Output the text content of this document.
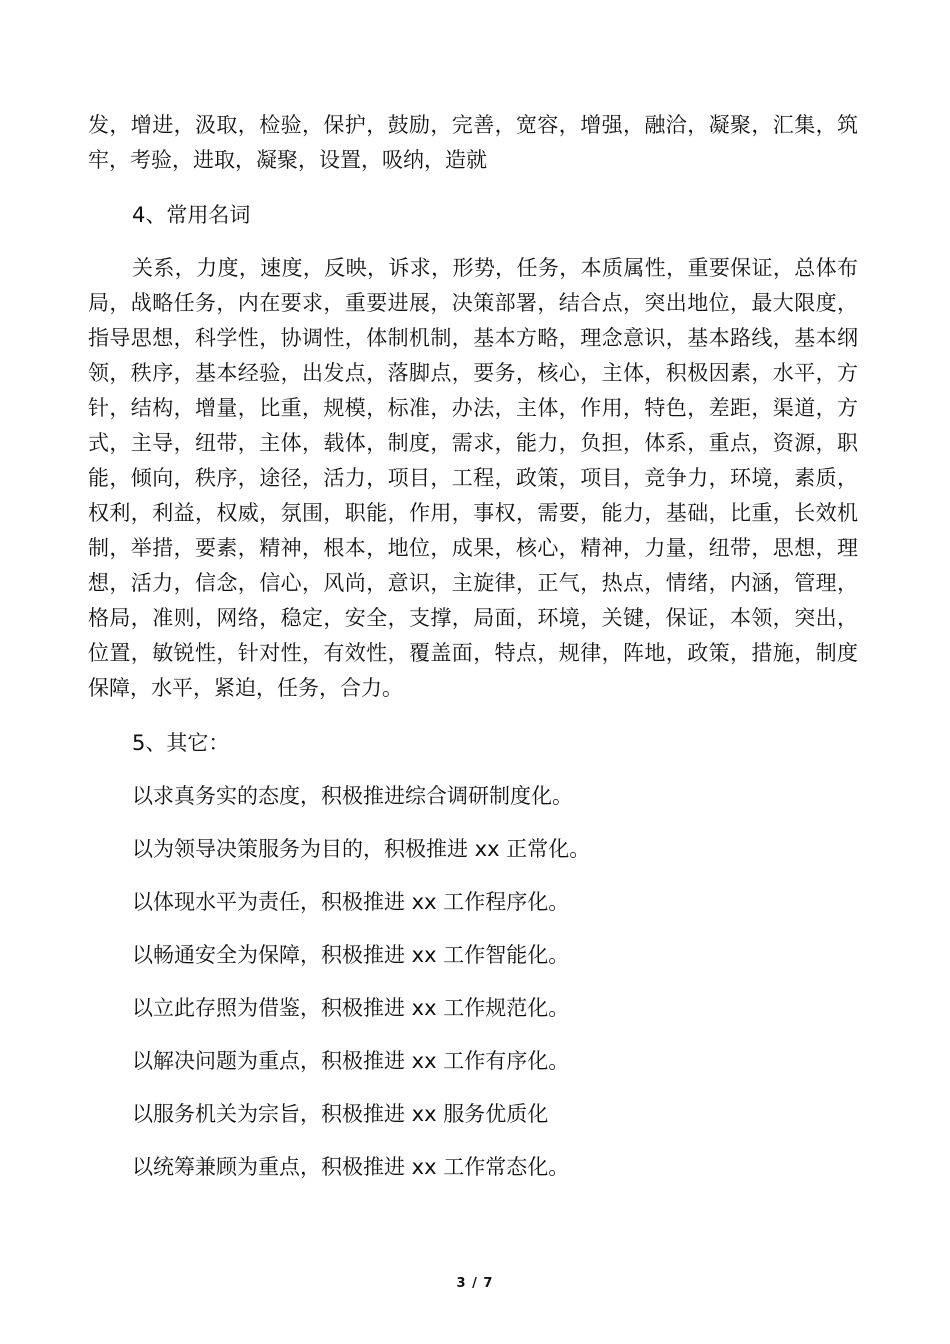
发，增进，汲取，检验，保护，鼓励，完善，宽容，增强，融洽，凝聚，汇集，筑牢，考验，进取，凝聚，设置，吸纳，造就

4、常用名词

关系，力度，速度，反映，诉求，形势，任务，本质属性，重要保证，总体布局，战略任务，内在要求，重要进展，决策部署，结合点，突出地位，最大限度，指导思想，科学性，协调性，体制机制，基本方略，理念意识，基本路线，基本纲领，秩序，基本经验，出发点，落脚点，要务，核心，主体，积极因素，水平，方针，结构，增量，比重，规模，标准，办法，主体，作用，特色，差距，渠道，方式，主导，纽带，主体，载体，制度，需求，能力，负担，体系，重点，资源，职能，倾向，秩序，途径，活力，项目，工程，政策，项目，竞争力，环境，素质，权利，利益，权威，氛围，职能，作用，事权，需要，能力，基础，比重，长效机制，举措，要素，精神，根本，地位，成果，核心，精神，力量，纽带，思想，理想，活力，信念，信心，风尚，意识，主旋律，正气，热点，情绪，内涵，管理，格局，准则，网络，稳定，安全，支撑，局面，环境，关键，保证，本领，突出，位置，敏锐性，针对性，有效性，覆盖面，特点，规律，阵地，政策，措施，制度保障，水平，紧迫，任务，合力。

5、其它：

以求真务实的态度，积极推进综合调研制度化。

以为领导决策服务为目的，积极推进 xx 正常化。

以体现水平为责任，积极推进 xx 工作程序化。

以畅通安全为保障，积极推进 xx 工作智能化。

以立此存照为借鉴，积极推进 xx 工作规范化。

以解决问题为重点，积极推进 xx 工作有序化。

以服务机关为宗旨，积极推进 xx 服务优质化

以统筹兼顾为重点，积极推进 xx 工作常态化。

3 / 7
